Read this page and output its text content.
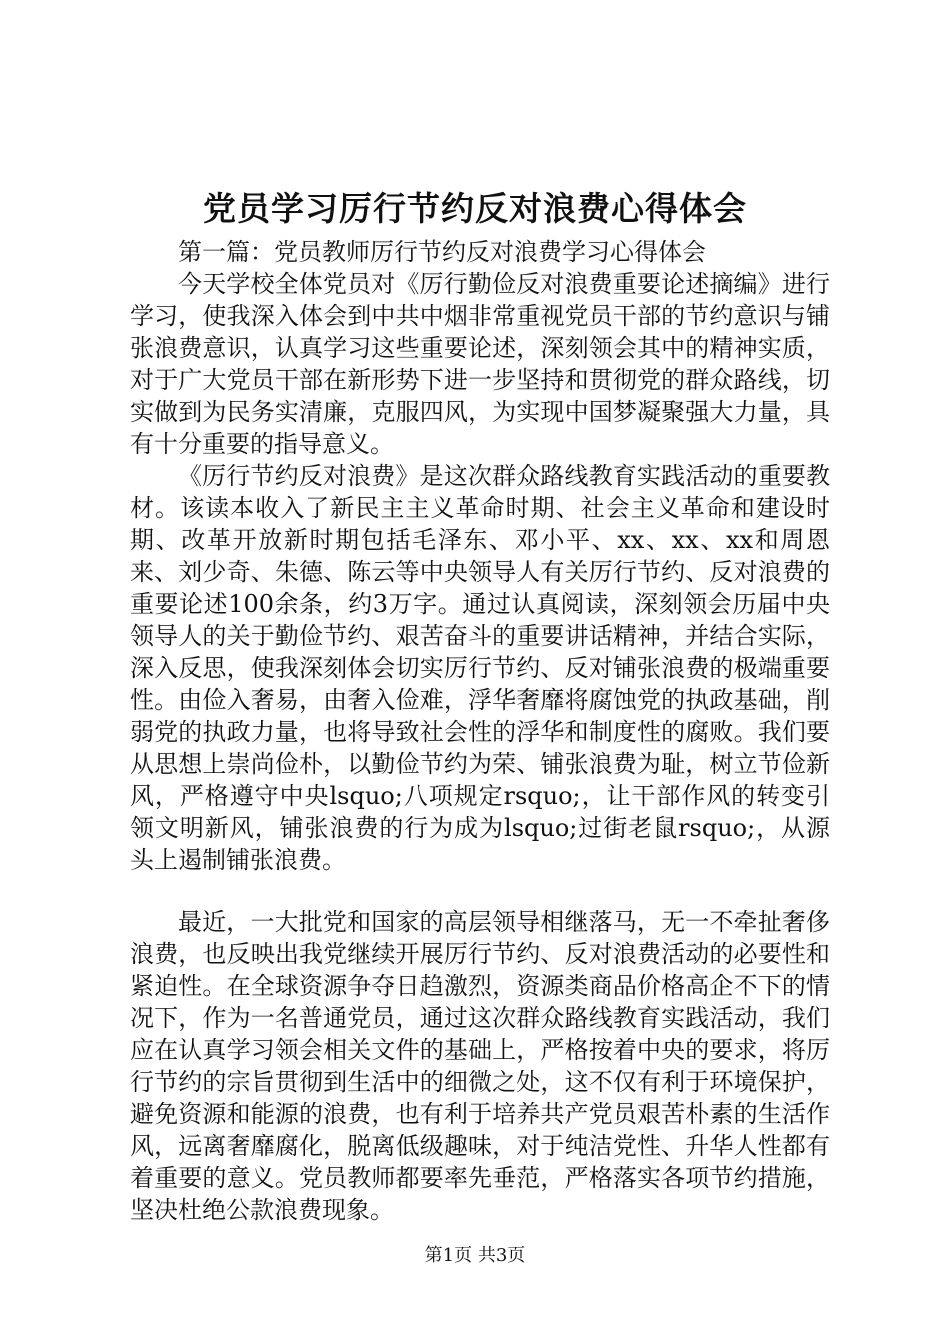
党员学习厉行节约反对浪费心得体会

第一篇：党员教师厉行节约反对浪费学习心得体会

今天学校全体党员对《厉行勤俭反对浪费重要论述摘编》进行学习，使我深入体会到中共中烟非常重视党员干部的节约意识与铺张浪费意识，认真学习这些重要论述，深刻领会其中的精神实质，对于广大党员干部在新形势下进一步坚持和贯彻党的群众路线，切实做到为民务实清廉，克服四风，为实现中国梦凝聚强大力量，具有十分重要的指导意义。

《厉行节约反对浪费》是这次群众路线教育实践活动的重要教材。该读本收入了新民主主义革命时期、社会主义革命和建设时期、改革开放新时期包括毛泽东、邓小平、xx、xx、xx和周恩来、刘少奇、朱德、陈云等中央领导人有关厉行节约、反对浪费的重要论述100余条，约3万字。通过认真阅读，深刻领会历届中央领导人的关于勤俭节约、艰苦奋斗的重要讲话精神，并结合实际，深入反思，使我深刻体会切实厉行节约、反对铺张浪费的极端重要性。由俭入奢易，由奢入俭难，浮华奢靡将腐蚀党的执政基础，削弱党的执政力量，也将导致社会性的浮华和制度性的腐败。我们要从思想上崇尚俭朴，以勤俭节约为荣、铺张浪费为耻，树立节俭新风，严格遵守中央lsquo;八项规定rsquo;，让干部作风的转变引领文明新风，铺张浪费的行为成为lsquo;过街老鼠rsquo;，从源头上遏制铺张浪费。

最近，一大批党和国家的高层领导相继落马，无一不牵扯奢侈浪费，也反映出我党继续开展厉行节约、反对浪费活动的必要性和紧迫性。在全球资源争夺日趋激烈，资源类商品价格高企不下的情况下，作为一名普通党员，通过这次群众路线教育实践活动，我们应在认真学习领会相关文件的基础上，严格按着中央的要求，将厉行节约的宗旨贯彻到生活中的细微之处，这不仅有利于环境保护，避免资源和能源的浪费，也有利于培养共产党员艰苦朴素的生活作风，远离奢靡腐化，脱离低级趣味，对于纯洁党性、升华人性都有着重要的意义。党员教师都要率先垂范，严格落实各项节约措施，坚决杜绝公款浪费现象。

第1页 共3页
